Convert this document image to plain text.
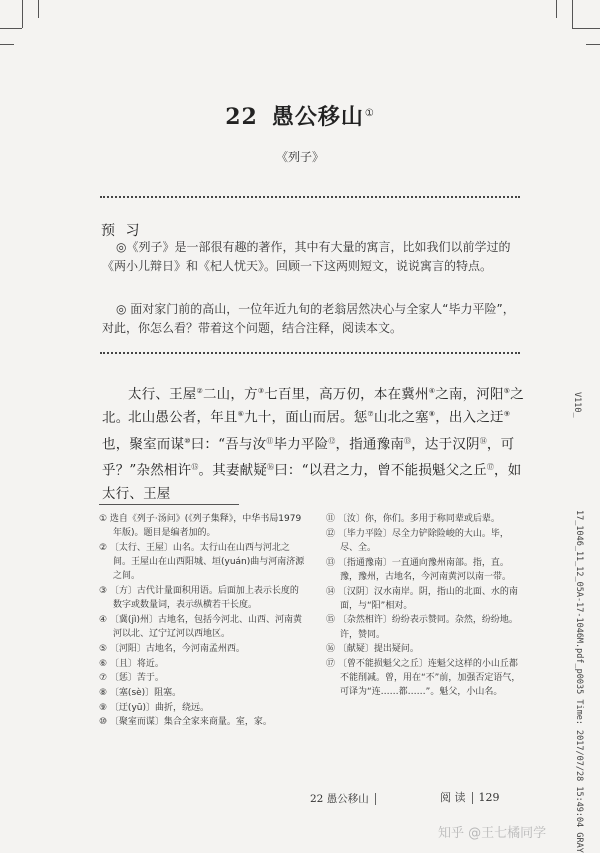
22 愚公移山①
《列子》
预 习
◎《列子》是一部很有趣的著作，其中有大量的寓言，比如我们以前学过的《两小儿辩日》和《杞人忧天》。回顾一下这两则短文，说说寓言的特点。
◎ 面对家门前的高山，一位年近九旬的老翁居然决心与全家人“毕力平险”，对此，你怎么看？带着这个问题，结合注释，阅读本文。
太行、王屋②二山，方③七百里，高万仞，本在冀州④之南，河阳⑤之北。
北山愚公者，年且⑥九十，面山而居。惩⑦山北之塞⑧，出入之迂⑨也，聚室而谋⑩曰：“吾与汝⑪毕力平险⑫，指通豫南⑬，达于汉阴⑭，可乎？”杂然相许⑮。其妻献疑⑯曰：“以君之力，曾不能损魁父之丘⑰，如太行、王屋
① 选自《列子·汤问》(《列子集释》，中华书局1979年版)。题目是编者加的。
② 〔太行、王屋〕山名。太行山在山西与河北之间。王屋山在山西阳城、垣(yuán)曲与河南济源之间。
③ 〔方〕古代计量面积用语。后面加上表示长度的数字或数量词，表示纵横若干长度。
④ 〔冀(jì)州〕古地名，包括今河北、山西、河南黄河以北、辽宁辽河以西地区。
⑤ 〔河阳〕古地名，今河南孟州西。
⑥ 〔且〕将近。
⑦ 〔惩〕苦于。
⑧ 〔塞(sè)〕阻塞。
⑨ 〔迂(yū)〕曲折，绕远。
⑩ 〔聚室而谋〕集合全家来商量。室，家。
⑪ 〔汝〕你，你们。多用于称同辈或后辈。
⑫ 〔毕力平险〕尽全力铲除险峻的大山。毕，尽、全。
⑬ 〔指通豫南〕一直通向豫州南部。指，直。豫，豫州，古地名，今河南黄河以南一带。
⑭ 〔汉阴〕汉水南岸。阴，指山的北面、水的南面，与“阳”相对。
⑮ 〔杂然相许〕纷纷表示赞同。杂然，纷纷地。许，赞同。
⑯ 〔献疑〕提出疑问。
⑰ 〔曾不能损魁父之丘〕连魁父这样的小山丘都不能削减。曾，用在“不”前，加强否定语气，可译为“连……都……”。魁父，小山名。
22 愚公移山	阅 读 129
V110_
17_1046_11_12_05A-17-1046M.pdf_p0035 Time: 2017/07/28 15:49:04 GRAY
知乎 @王七橘同学
